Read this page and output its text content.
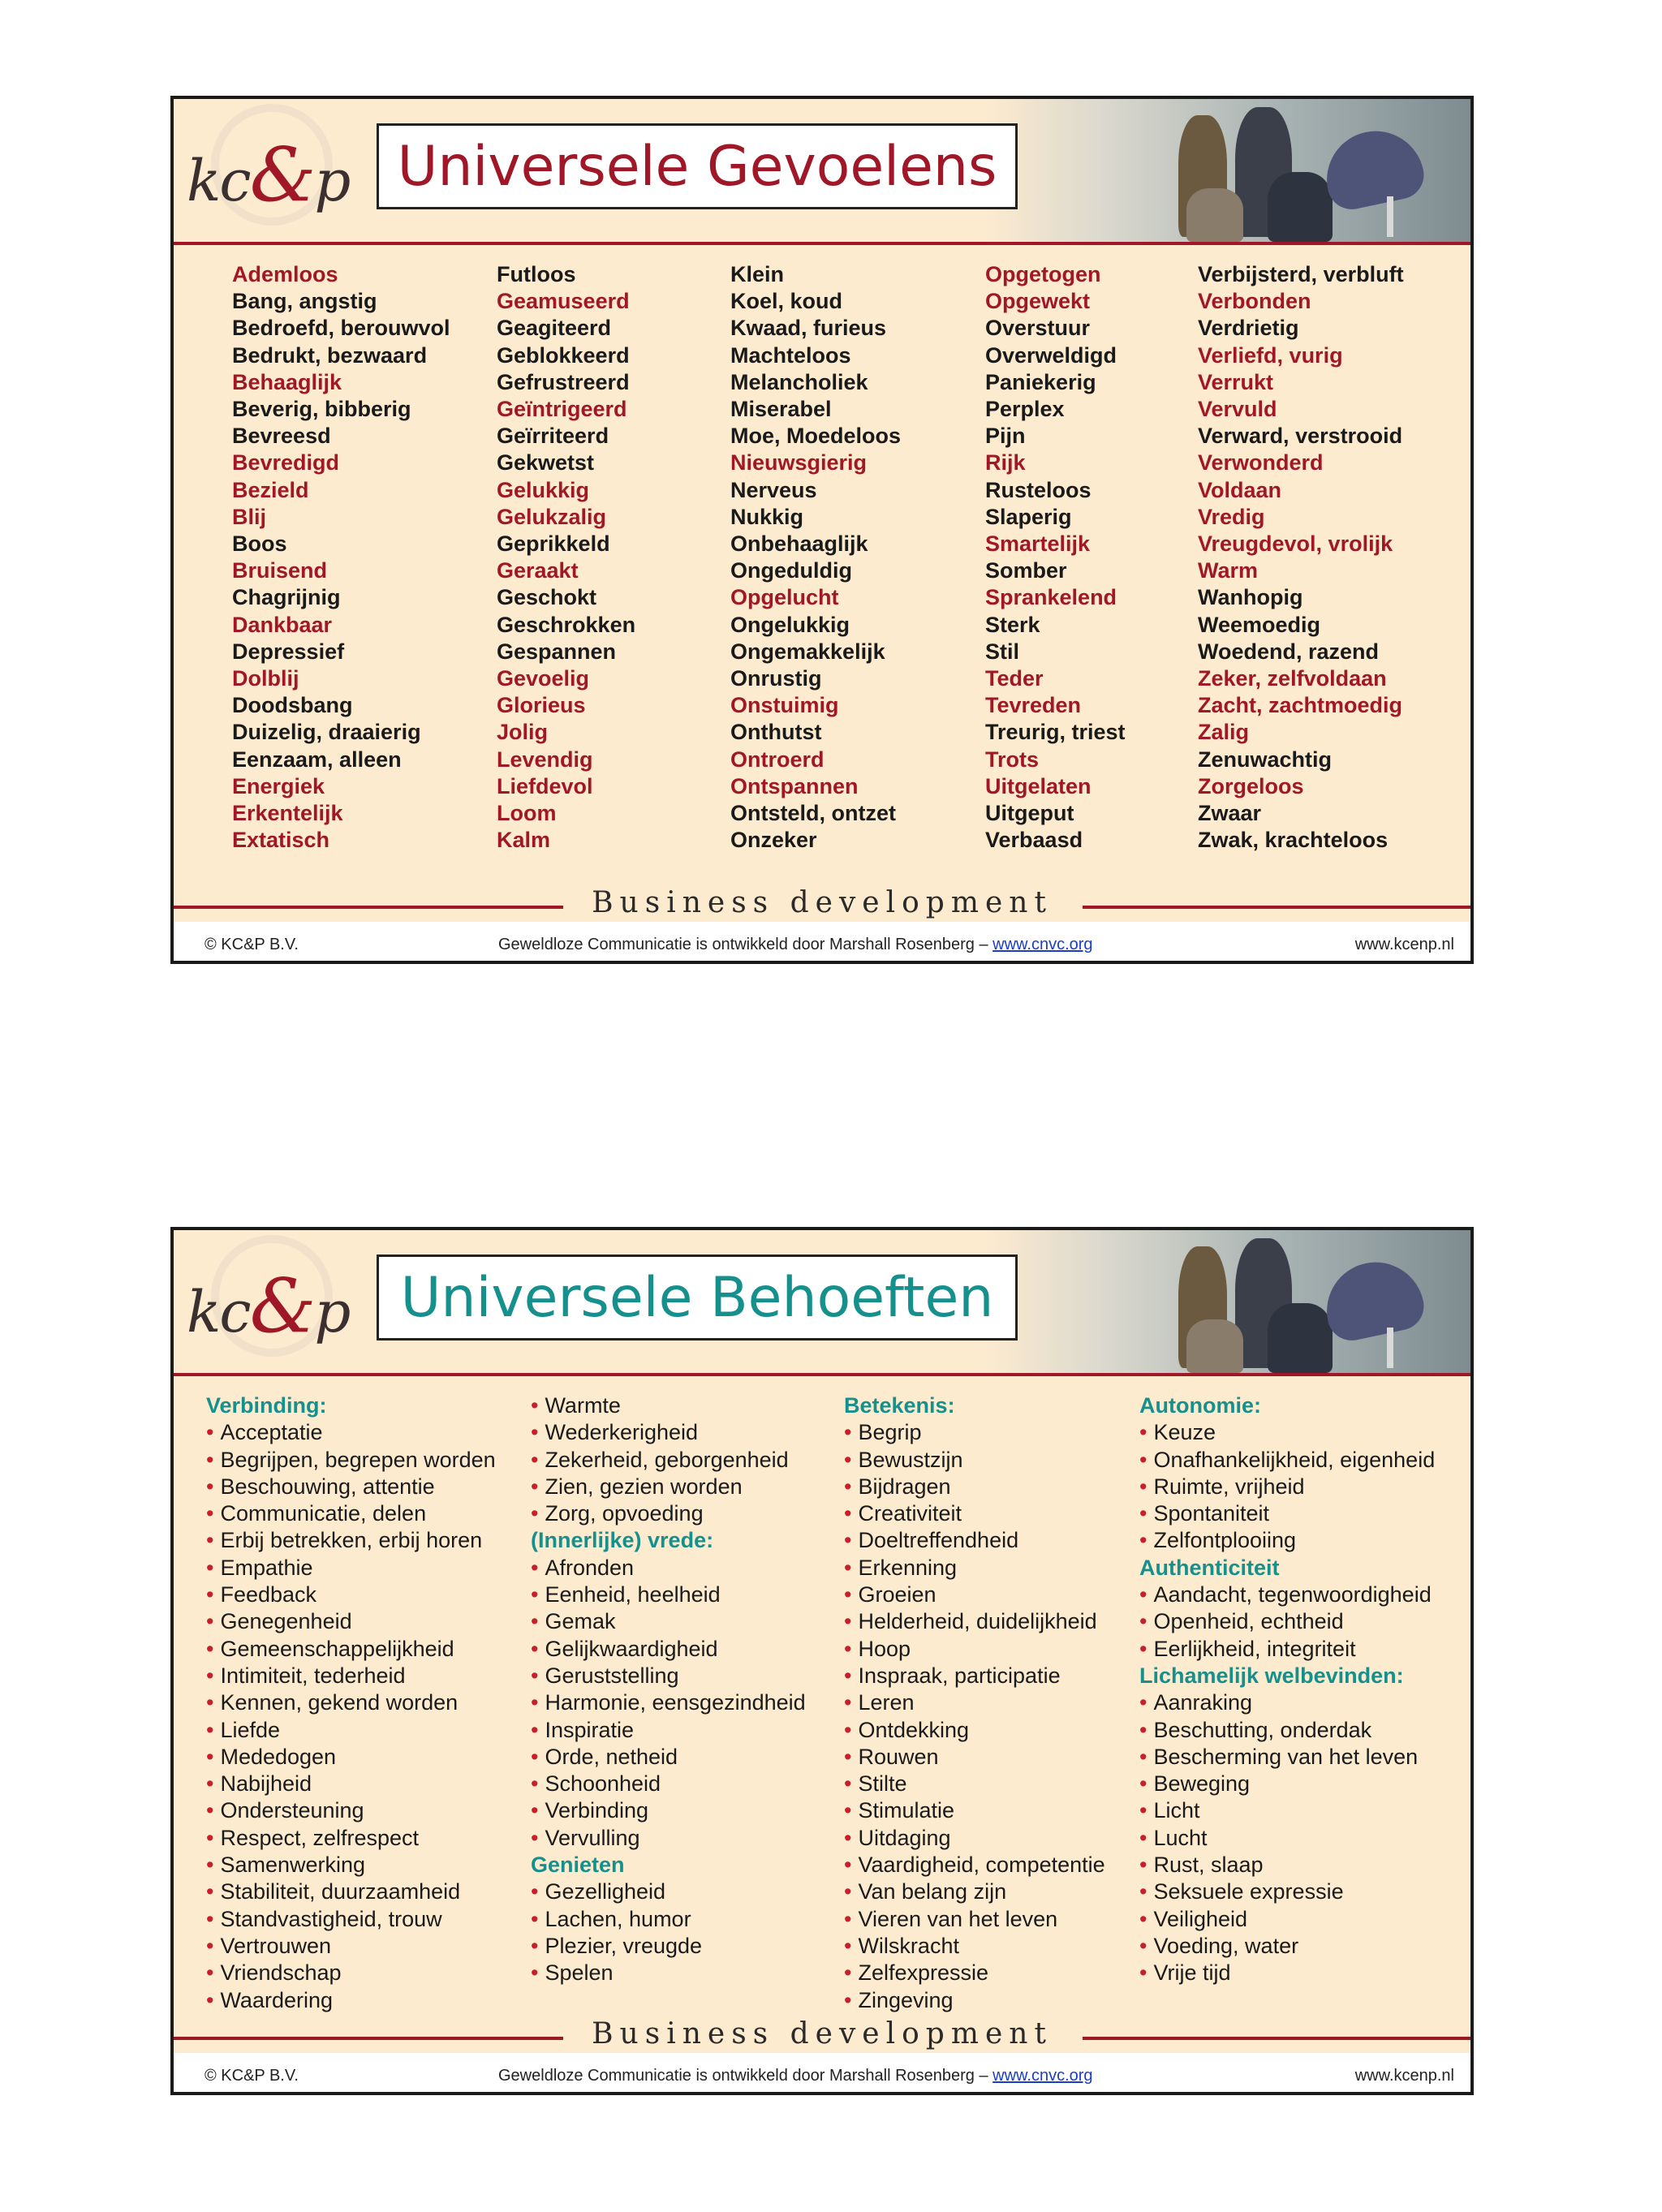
kc&p Universele Gevoelens
Ademloos
Bang, angstig
Bedroefd, berouwvol
Bedrukt, bezwaard
Behaaglijk
Beverig, bibberig
Bevreesd
Bevredigd
Bezield
Blij
Boos
Bruisend
Chagrijnig
Dankbaar
Depressief
Dolblij
Doodsbang
Duizelig, draaierig
Eenzaam, alleen
Energiek
Erkentelijk
Extatisch
Futloos
Geamuseerd
Geagiteerd
Geblokkeerd
Gefrustreerd
Geïntrigeerd
Geïrriteerd
Gekwetst
Gelukkig
Gelukzalig
Geprikkeld
Geraakt
Geschokt
Geschrokken
Gespannen
Gevoelig
Glorieus
Jolig
Levendig
Liefdevol
Loom
Kalm
Klein
Koel, koud
Kwaad, furieus
Machteloos
Melancholiek
Miserabel
Moe, Moedeloos
Nieuwsgierig
Nerveus
Nukkig
Onbehaaglijk
Ongeduldig
Opgelucht
Ongelukkig
Ongemakkelijk
Onrustig
Onstuimig
Onthutst
Ontroerd
Ontspannen
Ontsteld, ontzet
Onzeker
Opgetogen
Opgewekt
Overstuur
Overweldigd
Paniekerig
Perplex
Pijn
Rijk
Rusteloos
Slaperig
Smartelijk
Somber
Sprankelend
Sterk
Stil
Teder
Tevreden
Treurig, triest
Trots
Uitgelaten
Uitgeput
Verbaasd
Verbijsterd, verbluft
Verbonden
Verdrietig
Verliefd, vurig
Verrukt
Vervuld
Verward, verstrooid
Verwonderd
Voldaan
Vredig
Vreugdevol, vrolijk
Warm
Wanhopig
Weemoedig
Woedend, razend
Zeker, zelfvoldaan
Zacht, zachtmoedig
Zalig
Zenuwachtig
Zorgeloos
Zwaar
Zwak, krachteloos
Business development
© KC&P B.V.	Geweldloze Communicatie is ontwikkeld door Marshall Rosenberg – www.cnvc.org	www.kcenp.nl
kc&p Universele Behoeften
Verbinding:
• Acceptatie
• Begrijpen, begrepen worden
• Beschouwing, attentie
• Communicatie, delen
• Erbij betrekken, erbij horen
• Empathie
• Feedback
• Genegenheid
• Gemeenschappelijkheid
• Intimiteit, tederheid
• Kennen, gekend worden
• Liefde
• Mededogen
• Nabijheid
• Ondersteuning
• Respect, zelfrespect
• Samenwerking
• Stabiliteit, duurzaamheid
• Standvastigheid, trouw
• Vertrouwen
• Vriendschap
• Waardering
• Warmte
• Wederkerigheid
• Zekerheid, geborgenheid
• Zien, gezien worden
• Zorg, opvoeding
(Innerlijke) vrede:
• Afronden
• Eenheid, heelheid
• Gemak
• Gelijkwaardigheid
• Geruststelling
• Harmonie, eensgezindheid
• Inspiratie
• Orde, netheid
• Schoonheid
• Verbinding
• Vervulling
Genieten
• Gezelligheid
• Lachen, humor
• Plezier, vreugde
• Spelen
Betekenis:
• Begrip
• Bewustzijn
• Bijdragen
• Creativiteit
• Doeltreffendheid
• Erkenning
• Groeien
• Helderheid, duidelijkheid
• Hoop
• Inspraak, participatie
• Leren
• Ontdekking
• Rouwen
• Stilte
• Stimulatie
• Uitdaging
• Vaardigheid, competentie
• Van belang zijn
• Vieren van het leven
• Wilskracht
• Zelfexpressie
• Zingeving
Autonomie:
• Keuze
• Onafhankelijkheid, eigenheid
• Ruimte, vrijheid
• Spontaniteit
• Zelfontplooiing
Authenticiteit
• Aandacht, tegenwoordigheid
• Openheid, echtheid
• Eerlijkheid, integriteit
Lichamelijk welbevinden:
• Aanraking
• Beschutting, onderdak
• Bescherming van het leven
• Beweging
• Licht
• Lucht
• Rust, slaap
• Seksuele expressie
• Veiligheid
• Voeding, water
• Vrije tijd
Business development
© KC&P B.V.	Geweldloze Communicatie is ontwikkeld door Marshall Rosenberg – www.cnvc.org	www.kcenp.nl
